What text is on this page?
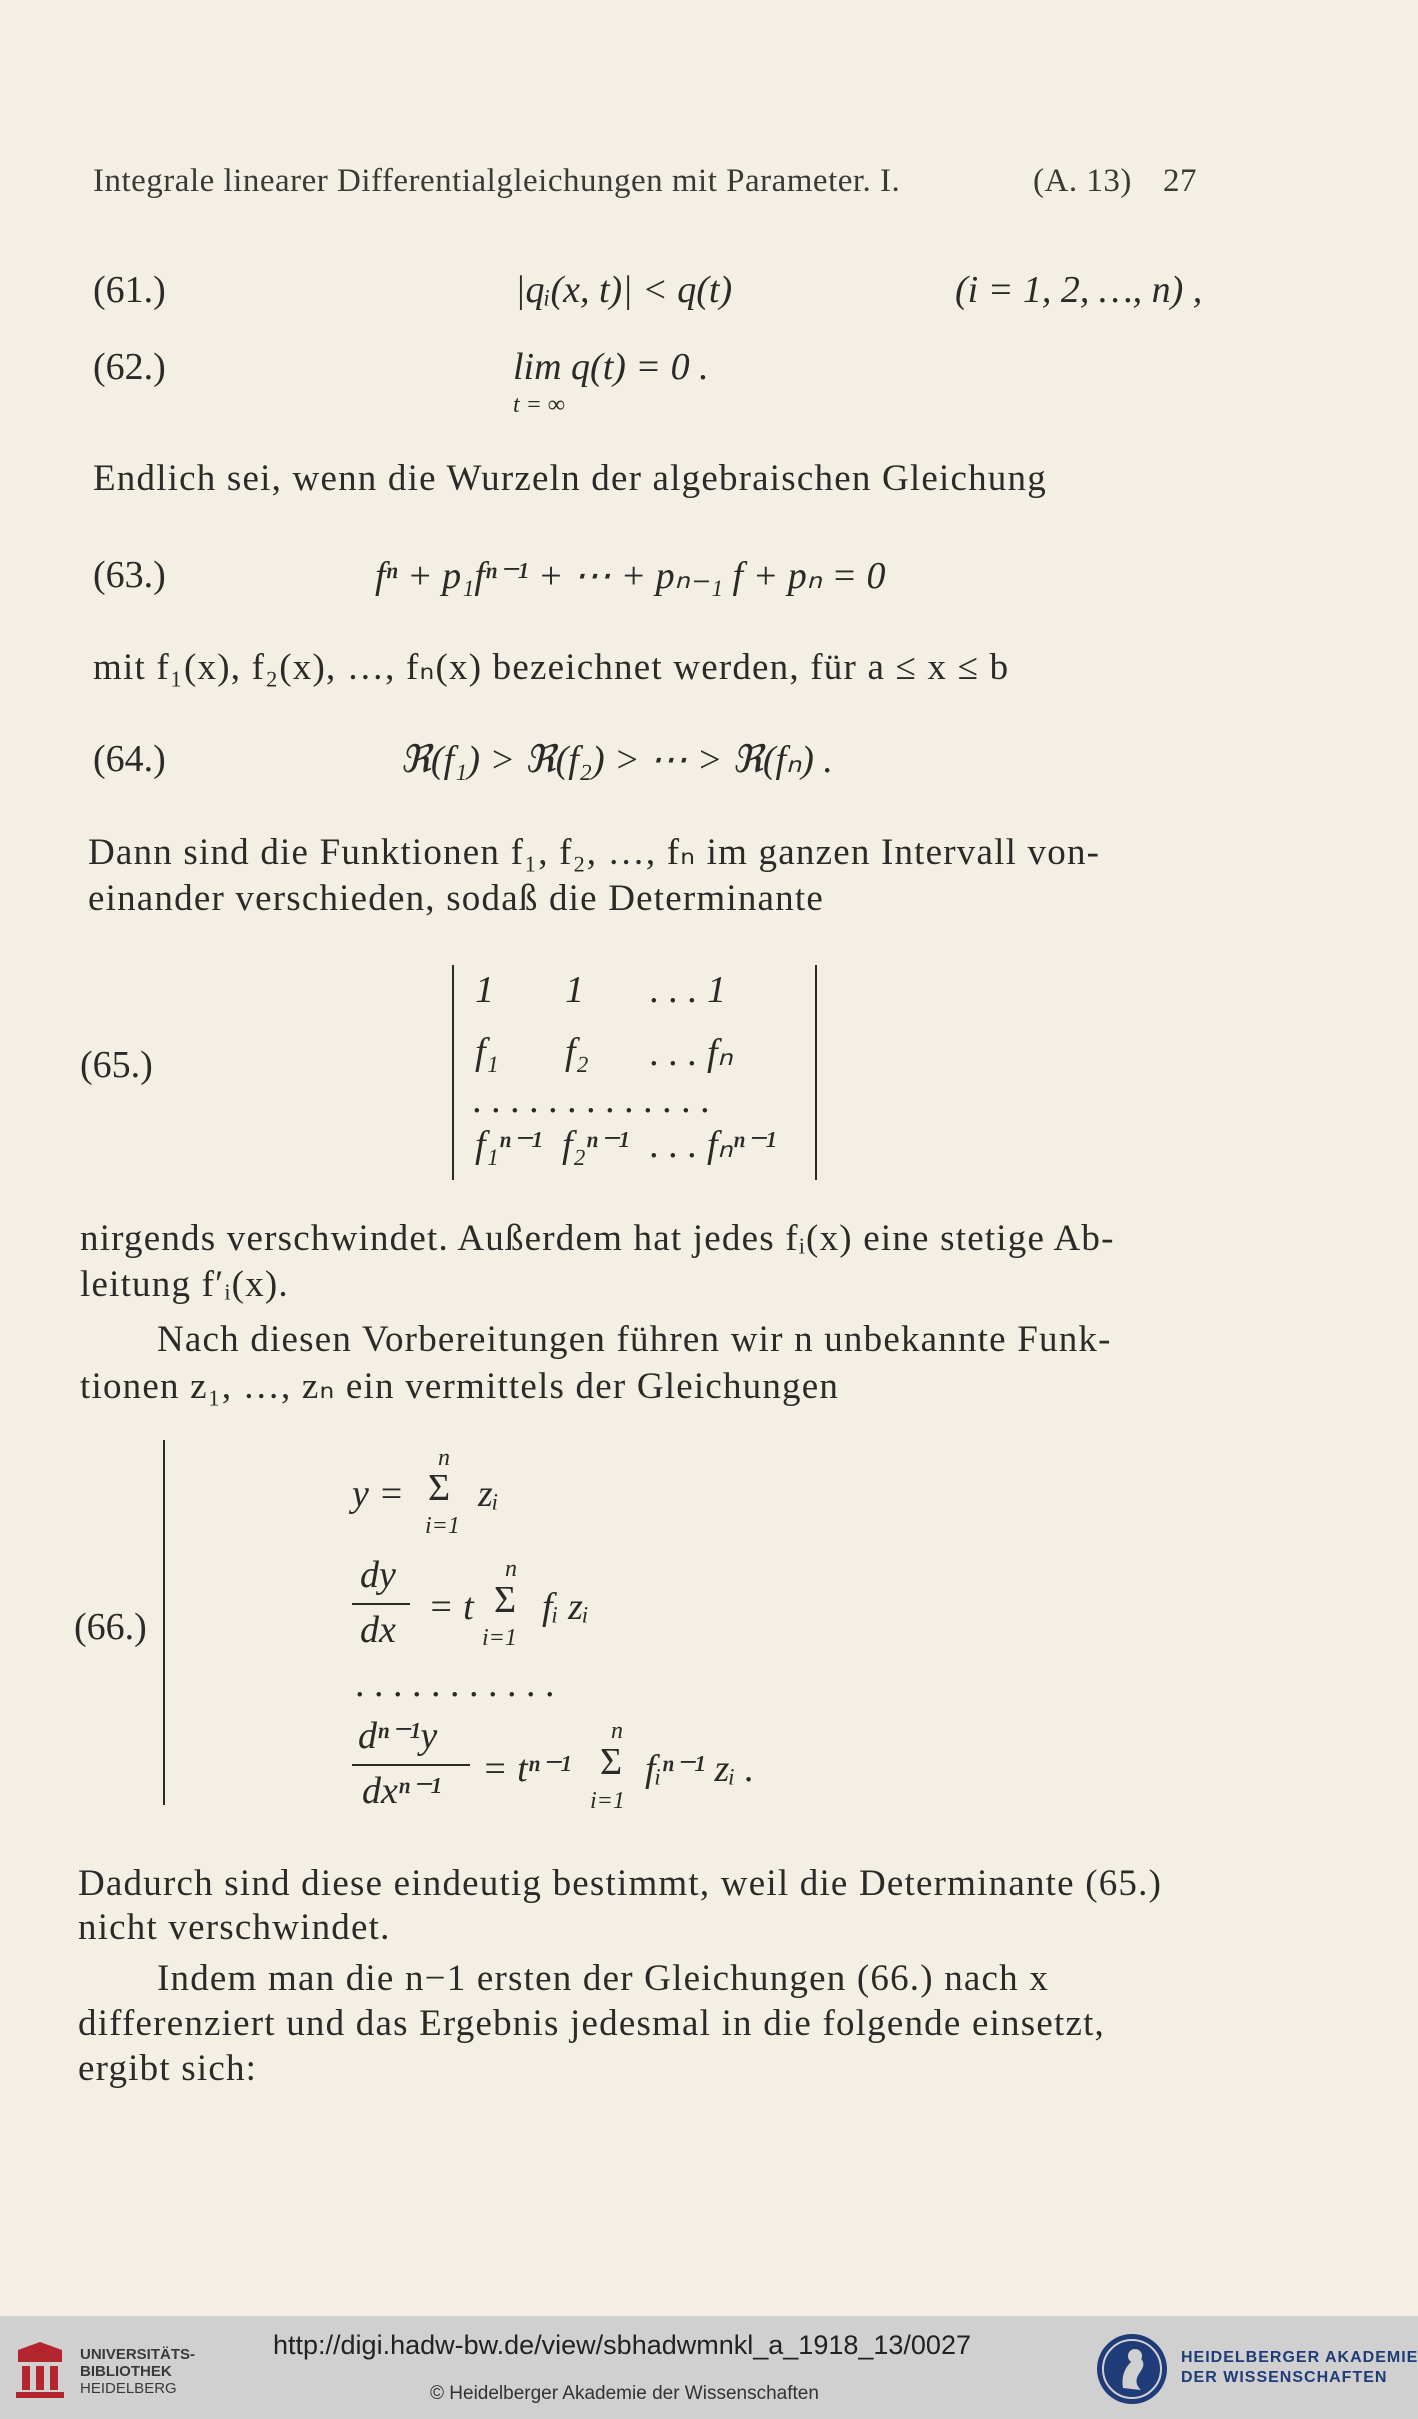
Integrale linearer Differentialgleichungen mit Parameter. I.	(A. 13) 27
(61.)	|qᵢ(x, t)| < q(t)	(i = 1, 2, …, n) ,
(62.)	lim q(t) = 0 .
t = ∞
Endlich sei, wenn die Wurzeln der algebraischen Gleichung
(63.)	fⁿ + p₁fⁿ⁻¹ + ⋯ + pₙ₋₁ f + pₙ = 0
mit f₁(x), f₂(x), …, fₙ(x) bezeichnet werden, für a ≤ x ≤ b
(64.)	ℜ(f₁) > ℜ(f₂) > ⋯ > ℜ(fₙ) .
Dann sind die Funktionen f₁, f₂, …, fₙ im ganzen Intervall von-
einander verschieden, sodaß die Determinante
(65.)
1 1 . . . 1
f₁ f₂ . . . fₙ
. . . . . . . . . . . . .
f₁ⁿ⁻¹ f₂ⁿ⁻¹ . . . fₙⁿ⁻¹
nirgends verschwindet. Außerdem hat jedes fᵢ(x) eine stetige Ab-
leitung f′ᵢ(x).
Nach diesen Vorbereitungen führen wir n unbekannte Funk-
tionen z₁, …, zₙ ein vermittels der Gleichungen
(66.)
y =
n
Σ
i=1
zᵢ
dy
dx
= t
n
Σ
i=1
fᵢ zᵢ
. . . . . . . . . . .
dⁿ⁻¹y
dxⁿ⁻¹
= tⁿ⁻¹
n
Σ
i=1
fᵢⁿ⁻¹ zᵢ .
Dadurch sind diese eindeutig bestimmt, weil die Determinante (65.)
nicht verschwindet.
Indem man die n−1 ersten der Gleichungen (66.) nach x
differenziert und das Ergebnis jedesmal in die folgende einsetzt,
ergibt sich:
UNIVERSITÄTS-
BIBLIOTHEK
HEIDELBERG
http://digi.hadw-bw.de/view/sbhadwmnkl_a_1918_13/0027
© Heidelberger Akademie der Wissenschaften
HEIDELBERGER AKADEMIE
DER WISSENSCHAFTEN
